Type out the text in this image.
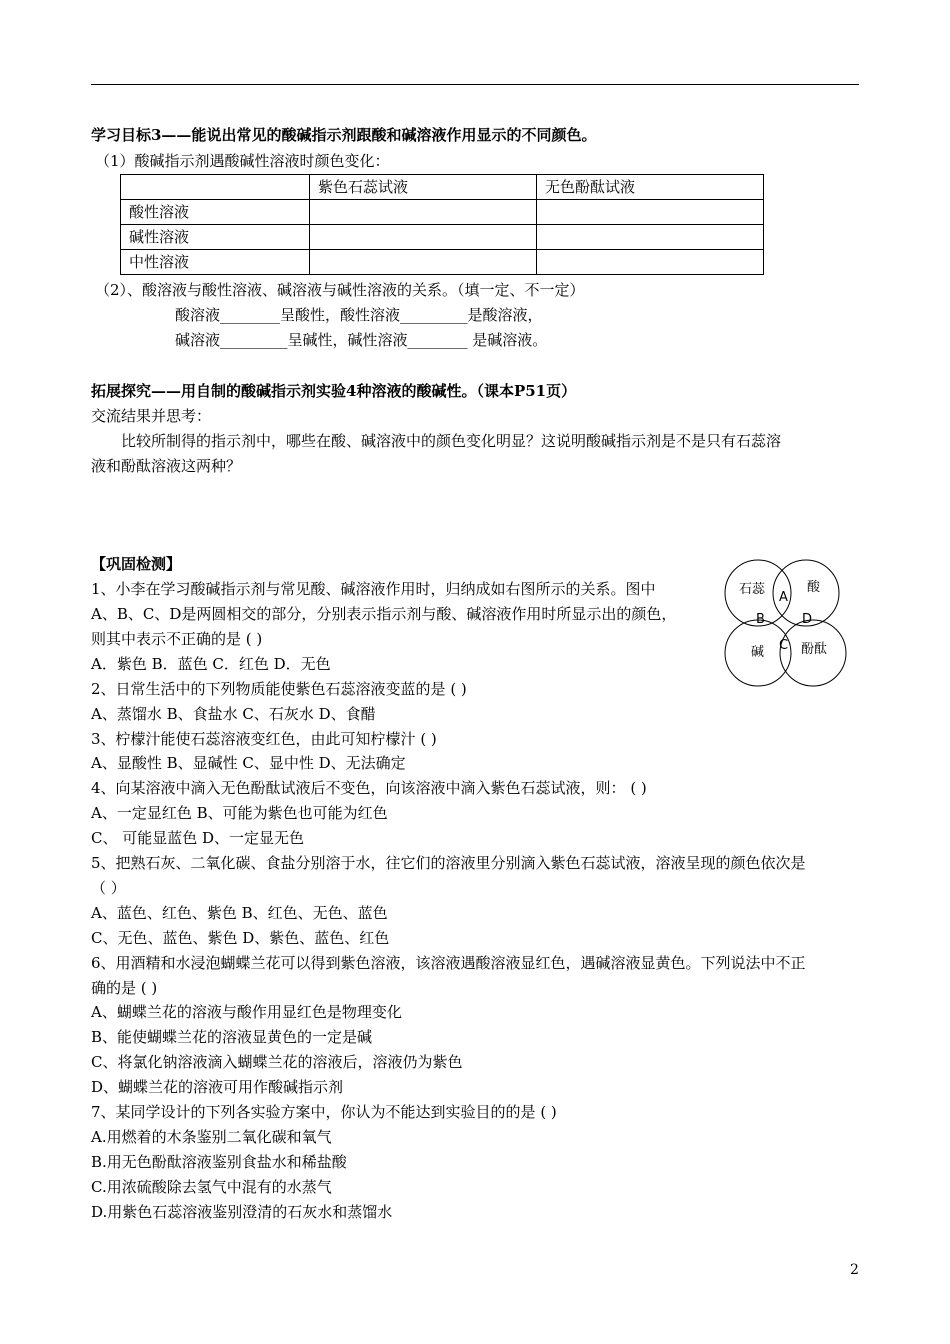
学习目标3——能说出常见的酸碱指示剂跟酸和碱溶液作用显示的不同颜色。
（1）酸碱指示剂遇酸碱性溶液时颜色变化：
	紫色石蕊试液	无色酚酞试液
酸性溶液		
碱性溶液		
中性溶液		
（2）、酸溶液与酸性溶液、碱溶液与碱性溶液的关系。（填一定、不一定）
酸溶液________呈酸性，酸性溶液_________是酸溶液，
碱溶液_________呈碱性，碱性溶液________ 是碱溶液。
拓展探究——用自制的酸碱指示剂实验4种溶液的酸碱性。（课本P51页）
交流结果并思考：
比较所制得的指示剂中，哪些在酸、碱溶液中的颜色变化明显？这说明酸碱指示剂是不是只有石蕊溶
液和酚酞溶液这两种？
【巩固检测】
1、小李在学习酸碱指示剂与常见酸、碱溶液作用时，归纳成如右图所示的关系。图中
A、B、C、D是两圆相交的部分，分别表示指示剂与酸、碱溶液作用时所显示出的颜色，
则其中表示不正确的是 ( )
A．紫色 B．蓝色 C．红色 D．无色
石蕊	酸
碱	酚酞
A
B
C
D
2、日常生活中的下列物质能使紫色石蕊溶液变蓝的是 ( )
A、蒸馏水 B、食盐水 C、石灰水 D、食醋
3、柠檬汁能使石蕊溶液变红色，由此可知柠檬汁 ( )
A、显酸性 B、显碱性 C、显中性 D、无法确定
4、向某溶液中滴入无色酚酞试液后不变色，向该溶液中滴入紫色石蕊试液，则： ( )
A、一定显红色 B、可能为紫色也可能为红色
C、 可能显蓝色 D、一定显无色
5、把熟石灰、二氧化碳、食盐分别溶于水，往它们的溶液里分别滴入紫色石蕊试液，溶液呈现的颜色依次是
（ ）
A、蓝色、红色、紫色 B、红色、无色、蓝色
C、无色、蓝色、紫色 D、紫色、蓝色、红色
6、用酒精和水浸泡蝴蝶兰花可以得到紫色溶液，该溶液遇酸溶液显红色，遇碱溶液显黄色。下列说法中不正
确的是 ( )
A、蝴蝶兰花的溶液与酸作用显红色是物理变化
B、能使蝴蝶兰花的溶液显黄色的一定是碱
C、将氯化钠溶液滴入蝴蝶兰花的溶液后，溶液仍为紫色
D、蝴蝶兰花的溶液可用作酸碱指示剂
7、某同学设计的下列各实验方案中，你认为不能达到实验目的的是 ( )
A.用燃着的木条鉴别二氧化碳和氧气
B.用无色酚酞溶液鉴别食盐水和稀盐酸
C.用浓硫酸除去氢气中混有的水蒸气
D.用紫色石蕊溶液鉴别澄清的石灰水和蒸馏水
2
